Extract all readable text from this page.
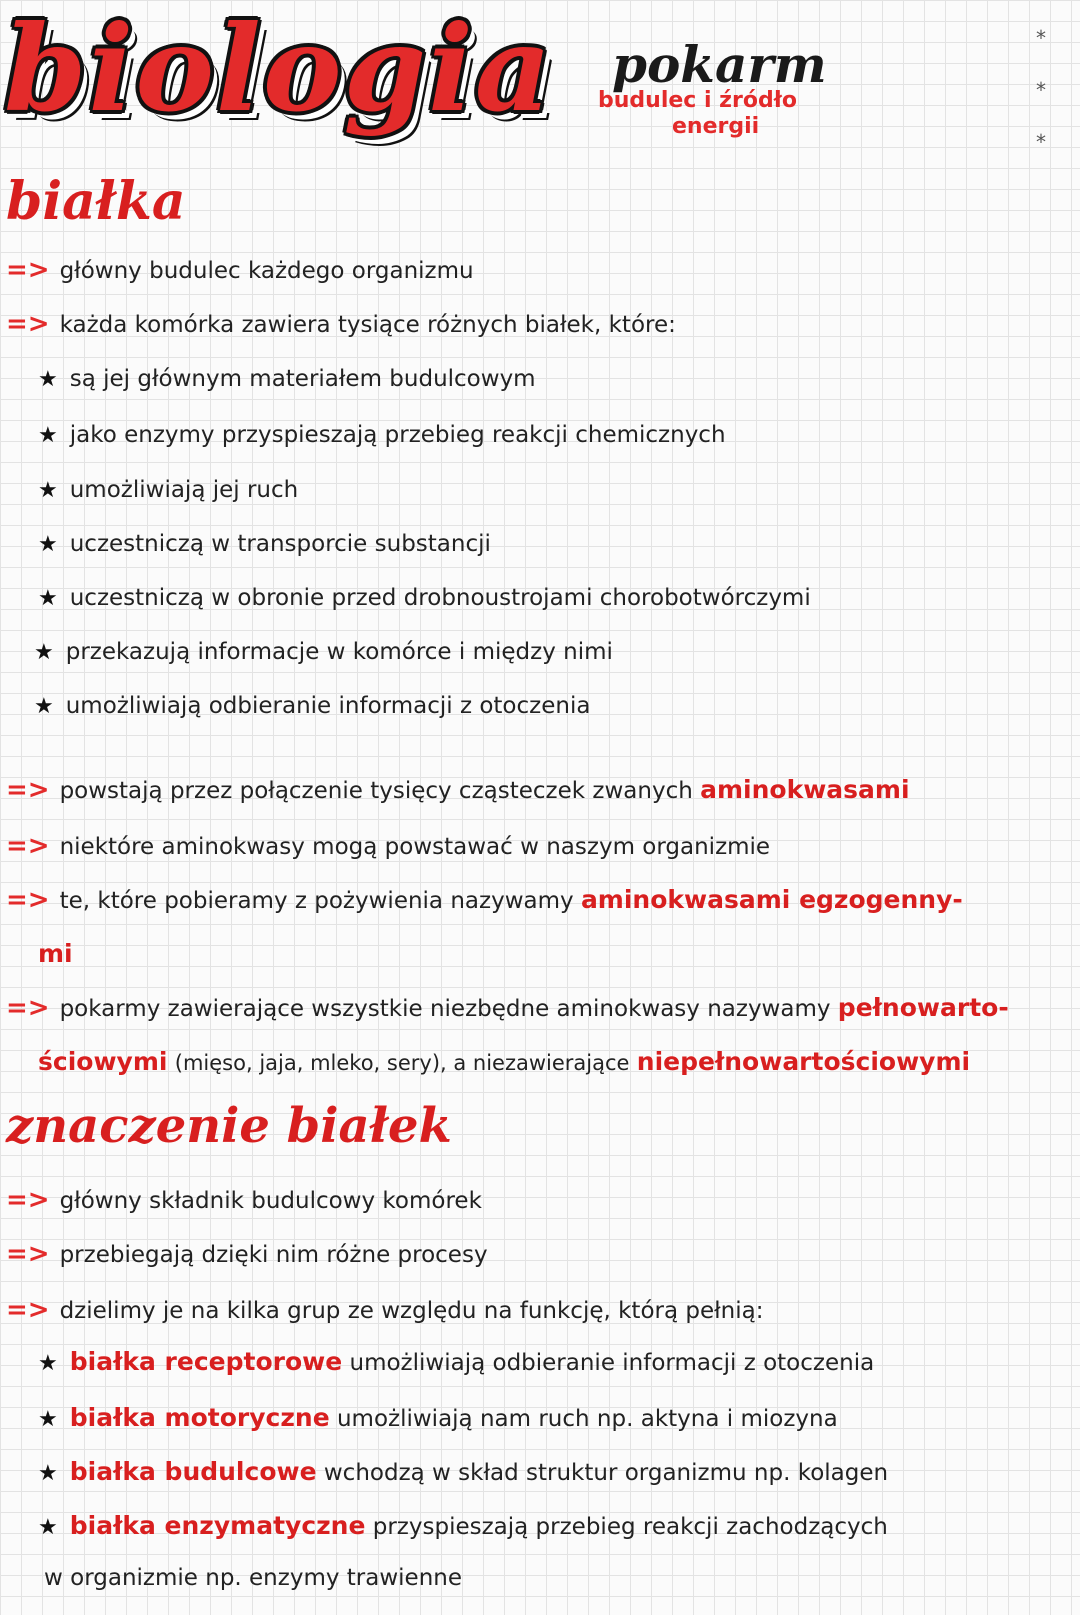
biologia pokarm
budulec i źródło
energii
*
*
*
białka
=> główny budulec każdego organizmu
=> każda komórka zawiera tysiące różnych białek, które:
★ są jej głównym materiałem budulcowym
★ jako enzymy przyspieszają przebieg reakcji chemicznych
★ umożliwiają jej ruch
★ uczestniczą w transporcie substancji
★ uczestniczą w obronie przed drobnoustrojami chorobotwórczymi
★ przekazują informacje w komórce i między nimi
★ umożliwiają odbieranie informacji z otoczenia
=> powstają przez połączenie tysięcy cząsteczek zwanych aminokwasami
=> niektóre aminokwasy mogą powstawać w naszym organizmie
=> te, które pobieramy z pożywienia nazywamy aminokwasami egzogenny-
mi
=> pokarmy zawierające wszystkie niezbędne aminokwasy nazywamy pełnowarto-
ściowymi (mięso, jaja, mleko, sery), a niezawierające niepełnowartościowymi
znaczenie białek
=> główny składnik budulcowy komórek
=> przebiegają dzięki nim różne procesy
=> dzielimy je na kilka grup ze względu na funkcję, którą pełnią:
★ białka receptorowe umożliwiają odbieranie informacji z otoczenia
★ białka motoryczne umożliwiają nam ruch np. aktyna i miozyna
★ białka budulcowe wchodzą w skład struktur organizmu np. kolagen
★ białka enzymatyczne przyspieszają przebieg reakcji zachodzących
w organizmie np. enzymy trawienne
